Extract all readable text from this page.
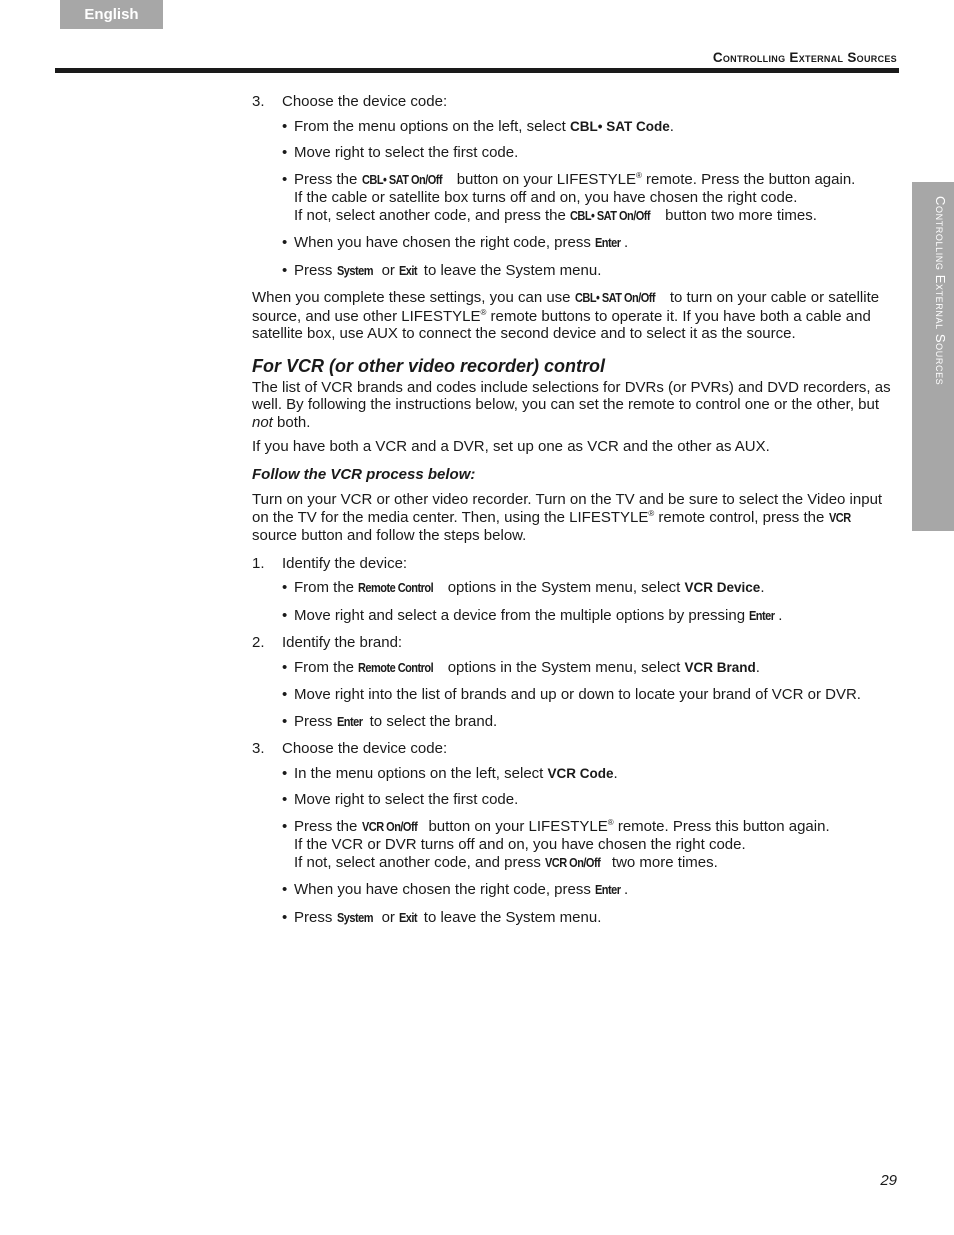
English
Controlling External Sources
Controlling External Sources
3.	Choose the device code:
• From the menu options on the left, select CBL• SAT Code.
• Move right to select the first code.
• Press the CBL• SAT On/Off button on your LIFESTYLE® remote. Press the button again.
If the cable or satellite box turns off and on, you have chosen the right code.
If not, select another code, and press the CBL• SAT On/Off button two more times.
• When you have chosen the right code, press Enter .
• Press System or Exit to leave the System menu.
When you complete these settings, you can use CBL• SAT On/Off to turn on your cable or satellite source, and use other LIFESTYLE® remote buttons to operate it. If you have both a cable and satellite box, use AUX to connect the second device and to select it as the source.
For VCR (or other video recorder) control
The list of VCR brands and codes include selections for DVRs (or PVRs) and DVD recorders, as well. By following the instructions below, you can set the remote to control one or the other, but not both.
If you have both a VCR and a DVR, set up one as VCR and the other as AUX.
Follow the VCR process below:
Turn on your VCR or other video recorder. Turn on the TV and be sure to select the Video input on the TV for the media center. Then, using the LIFESTYLE® remote control, press the VCR source button and follow the steps below.
1.	Identify the device:
• From the Remote Control options in the System menu, select VCR Device.
• Move right and select a device from the multiple options by pressing Enter .
2.	Identify the brand:
• From the Remote Control options in the System menu, select VCR Brand.
• Move right into the list of brands and up or down to locate your brand of VCR or DVR.
• Press Enter to select the brand.
3.	Choose the device code:
• In the menu options on the left, select VCR Code.
• Move right to select the first code.
• Press the VCR On/Off button on your LIFESTYLE® remote. Press this button again.
If the VCR or DVR turns off and on, you have chosen the right code.
If not, select another code, and press VCR On/Off two more times.
• When you have chosen the right code, press Enter .
• Press System or Exit to leave the System menu.
29
